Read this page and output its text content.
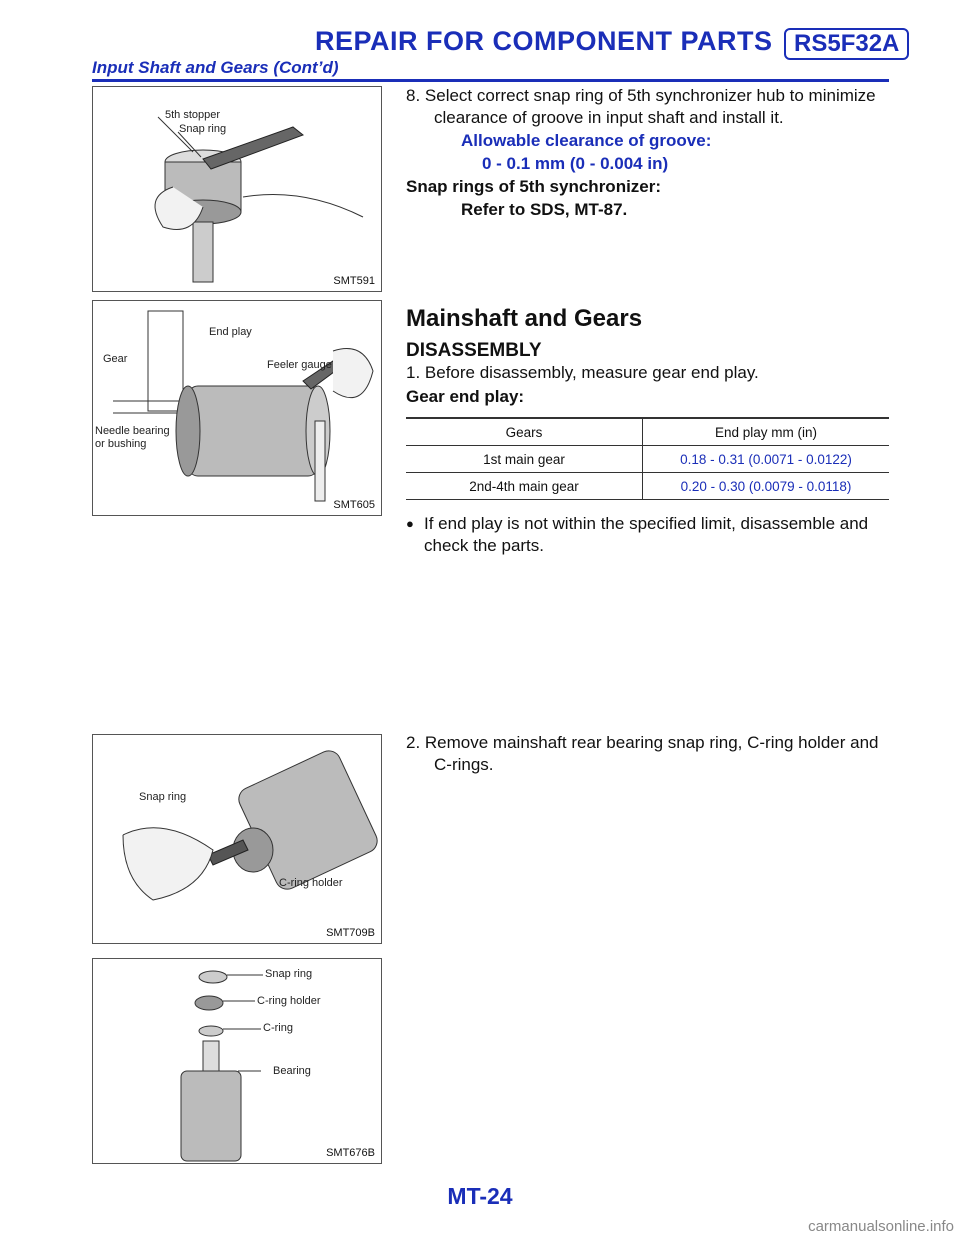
REPAIR FOR COMPONENT PARTS RS5F32A
Input Shaft and Gears (Cont’d)
5th stopper
Snap ring
SMT591
End play
Gear	Feeler gauge
Needle bearing
or bushing
SMT605
Snap ring
C-ring holder
SMT709B
Snap ring
C-ring holder
C-ring
Bearing
SMT676B
8. Select correct snap ring of 5th synchronizer hub to minimize
clearance of groove in input shaft and install it.
Allowable clearance of groove:
0 - 0.1 mm (0 - 0.004 in)
Snap rings of 5th synchronizer:
Refer to SDS, MT-87.
Mainshaft and Gears
DISASSEMBLY
1. Before disassembly, measure gear end play.
Gear end play:
Gears	End play mm (in)
1st main gear	0.18 - 0.31 (0.0071 - 0.0122)
2nd-4th main gear	0.20 - 0.30 (0.0079 - 0.0118)
● If end play is not within the specified limit, disassemble and
check the parts.
2. Remove mainshaft rear bearing snap ring, C-ring holder and
C-rings.
MT-24
carmanualsonline.info
